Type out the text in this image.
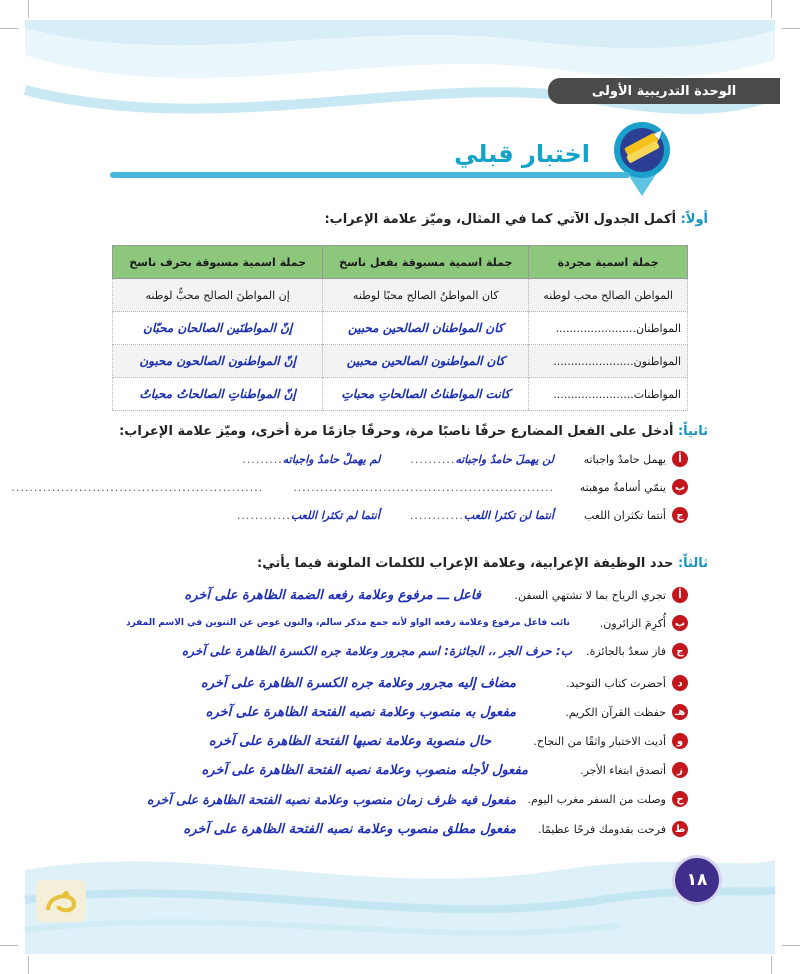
الوحدة التدريبية الأولى
اختبار قبلي
أولاً: أكمل الجدول الآتي كما في المثال، وميّز علامة الإعراب:
جملة اسمية مجردة	جملة اسمية مسبوقة بفعل ناسخ	جملة اسمية مسبوقة بحرف ناسخ
المواطن الصالح محب لوطنه	كان المواطنُ الصالح محبًا لوطنه	إن المواطنَ الصالح محبٌّ لوطنه
المواطنان.......................	كان المواطنان الصالحين محبين	إنّ المواطنَين الصالحان محبّان
المواطنون.......................	كان المواطنون الصالحين محبين	إنّ المواطنون الصالحون محبون
المواطنات.......................	كانت المواطناتُ الصالحاتِ محباتِ	إنّ المواطناتِ الصالحاتُ محباتٌ
ثانياً: أدخل على الفعل المضارع حرفًا ناصبًا مرة، وحرفًا جازمًا مرة أخرى، وميّز علامة الإعراب:
أ
يهمل حامدٌ واجباته
لن يهملَ حامدٌ واجباته
..........
لم يهملْ حامدٌ واجباته
.........
ب
ينمّي أسامةُ موهبته
..........................................................
........................................................
ج
أنتما تكثران اللعب
أنتما لن تكثرا اللعب
............
أنتما لم تكثرا اللعب
............
ثالثاً: حدد الوظيفة الإعرابية، وعلامة الإعراب للكلمات الملونة فيما يأتي:
أ
تجري الرياح بما لا تشتهي السفن.
فاعل ـــ مرفوع وعلامة رفعه الضمة الظاهرة على آخره
ب
أُكرِمَ الزائرون.
نائب فاعل مرفوع وعلامة رفعه الواو لأنه جمع مذكر سالم، والنون عوض عن التنوين في الاسم المفرد
ج
فاز سعدٌ بالجائزة.
ب: حرف الجر ،، الجائزة: اسم مجرور وعلامة جره الكسرة الظاهرة على آخره
د
أحضرت كتاب التوحيد.
مضاف إليه مجرور وعلامة جره الكسرة الظاهرة على آخره
هـ
حفظت القرآن الكريم.
مفعول به منصوب وعلامة نصبه الفتحة الظاهرة على آخره
و
أديت الاختبار واثقًا من النجاح.
حال منصوبة وعلامة نصبها الفتحة الظاهرة على آخره
ز
أتصدق ابتغاء الأجر.
مفعول لأجله منصوب وعلامة نصبه الفتحة الظاهرة على آخره
ح
وصلت من السفر مغرب اليوم.
مفعول فيه ظرف زمان منصوب وعلامة نصبه الفتحة الظاهرة على آخره
ط
فرحت بقدومك فرحًا عظيمًا.
مفعول مطلق منصوب وعلامة نصبه الفتحة الظاهرة على آخره
١٨
